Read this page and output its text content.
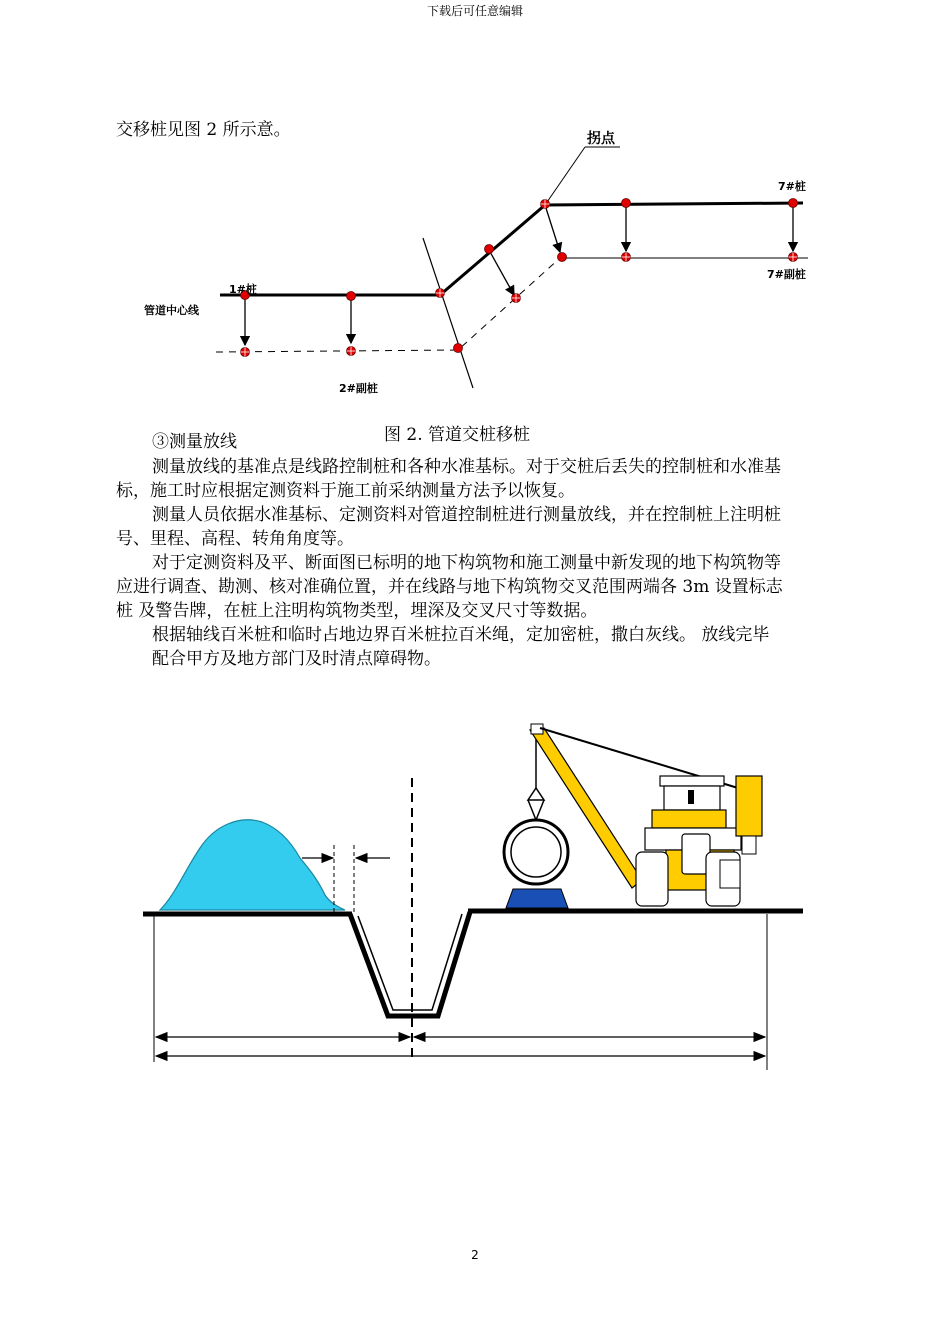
下载后可任意编辑
交移桩见图 2 所示意。	拐点
7#桩
7#副桩
1#桩
管道中心线
2#副桩
图 2. 管道交桩移桩
③测量放线
测量放线的基准点是线路控制桩和各种水准基标。对于交桩后丢失的控制桩和水准基
标，施工时应根据定测资料于施工前采纳测量方法予以恢复。
测量人员依据水准基标、定测资料对管道控制桩进行测量放线，并在控制桩上注明桩
号、里程、高程、转角角度等。
对于定测资料及平、断面图已标明的地下构筑物和施工测量中新发现的地下构筑物等
应进行调查、勘测、核对准确位置，并在线路与地下构筑物交叉范围两端各 3m 设置标志
桩 及警告牌，在桩上注明构筑物类型，埋深及交叉尺寸等数据。
根据轴线百米桩和临时占地边界百米桩拉百米绳，定加密桩，撒白灰线。 放线完毕
配合甲方及地方部门及时清点障碍物。
2
